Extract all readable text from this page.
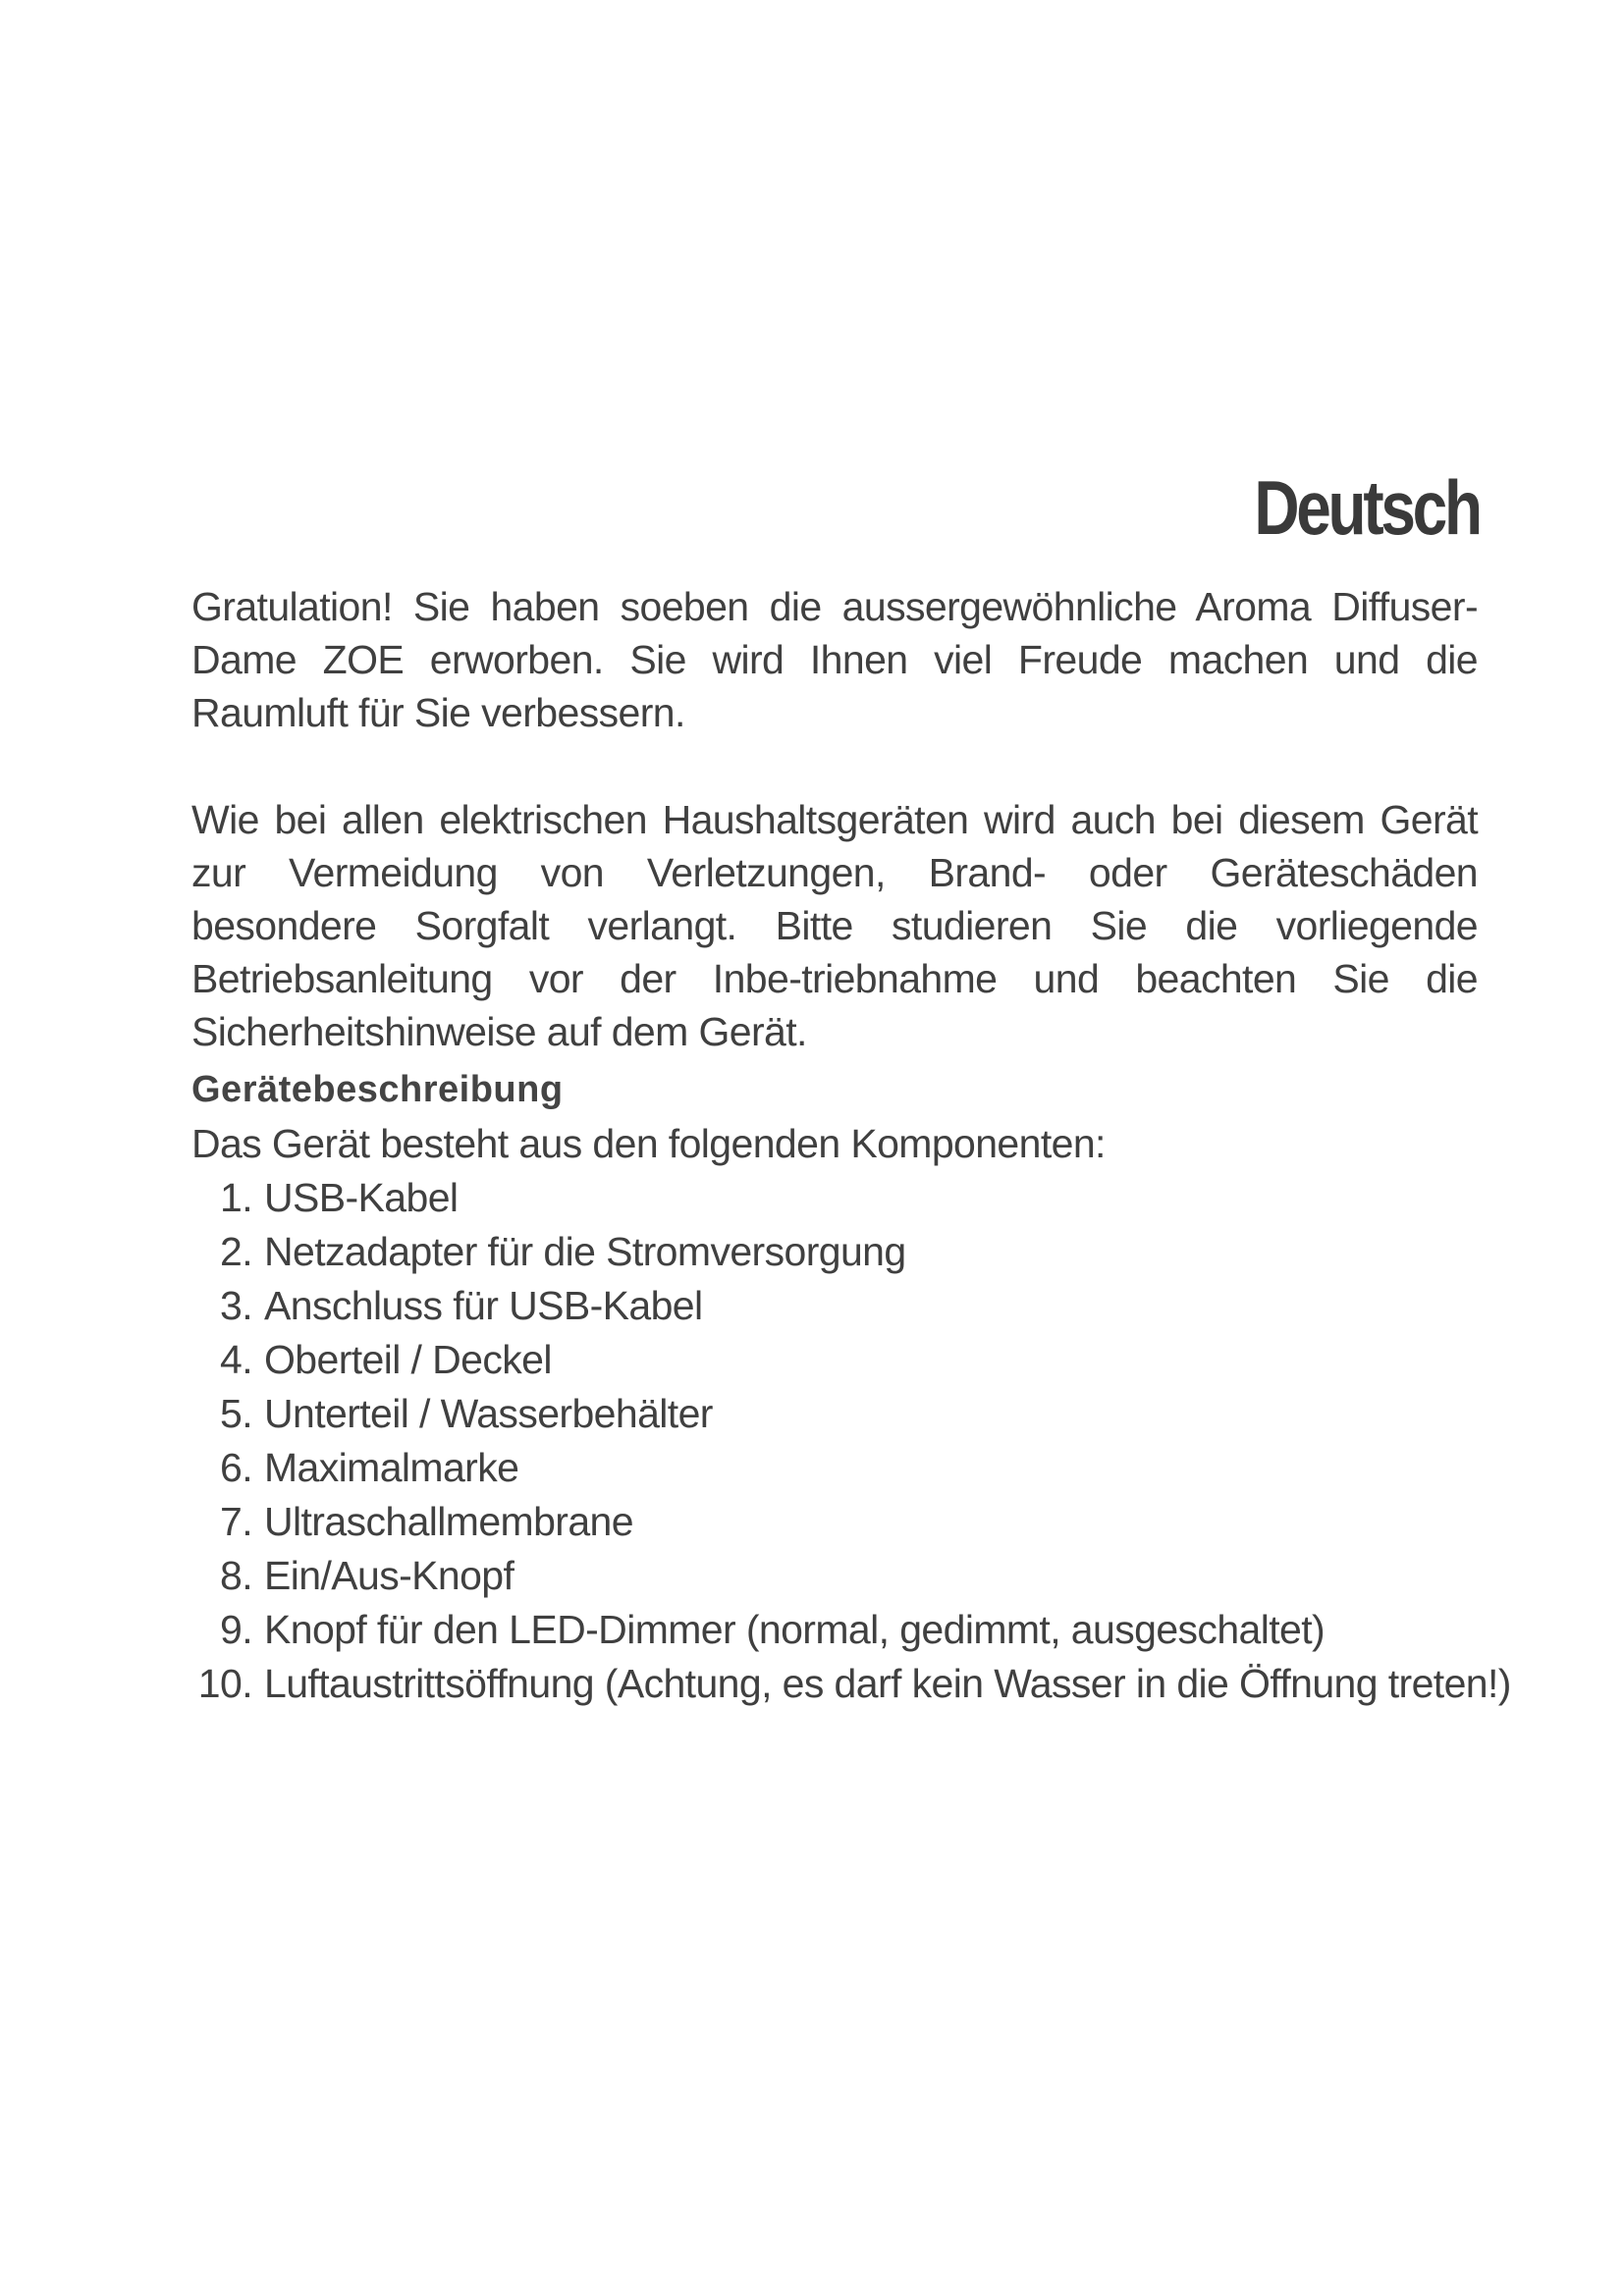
Deutsch

Gratulation! Sie haben soeben die aussergewöhnliche Aroma Diffuser-Dame ZOE erworben. Sie wird Ihnen viel Freude machen und die Raumluft für Sie verbessern.

Wie bei allen elektrischen Haushaltsgeräten wird auch bei diesem Gerät zur Vermeidung von Verletzungen, Brand- oder Geräteschäden besondere Sorgfalt verlangt. Bitte studieren Sie die vorliegende Betriebsanleitung vor der Inbe-triebnahme und beachten Sie die Sicherheitshinweise auf dem Gerät.

Gerätebeschreibung

Das Gerät besteht aus den folgenden Komponenten:

1. USB-Kabel
2. Netzadapter für die Stromversorgung
3. Anschluss für USB-Kabel
4. Oberteil / Deckel
5. Unterteil / Wasserbehälter
6. Maximalmarke
7. Ultraschallmembrane
8. Ein/Aus-Knopf
9. Knopf für den LED-Dimmer (normal, gedimmt, ausgeschaltet)
10. Luftaustrittsöffnung (Achtung, es darf kein Wasser in die Öffnung treten!)
